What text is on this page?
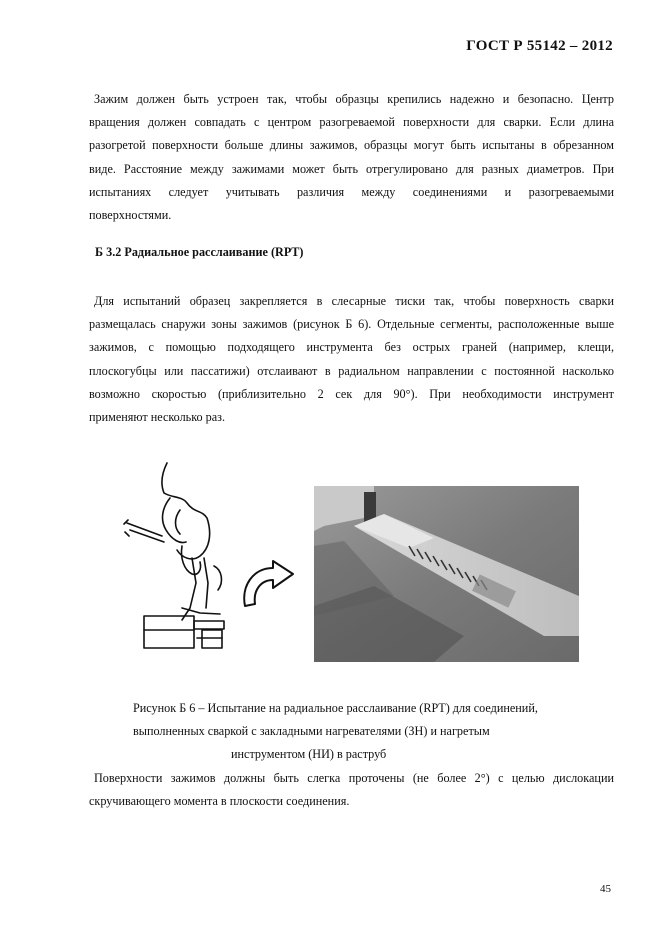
ГОСТ Р 55142 – 2012
Зажим должен быть устроен так, чтобы образцы крепились надежно и безопасно. Центр
вращения должен совпадать с центром разогреваемой поверхности для сварки. Если длина
разогретой поверхности больше длины зажимов, образцы могут быть испытаны в обрезанном
виде. Расстояние между зажимами может быть отрегулировано для разных диаметров. При
испытаниях следует учитывать различия между соединениями и разогреваемыми
поверхностями.
Б 3.2 Радиальное расслаивание (RPT)
Для испытаний образец закрепляется в слесарные тиски так, чтобы поверхность сварки
размещалась снаружи зоны зажимов (рисунок Б 6). Отдельные сегменты, расположенные выше
зажимов, с помощью подходящего инструмента без острых граней (например, клещи,
плоскогубцы или пассатижи) отслаивают в радиальном направлении с постоянной насколько
возможно скоростью (приблизительно 2 сек для 90°). При необходимости инструмент
применяют несколько раз.
Рисунок Б 6 – Испытание на радиальное расслаивание (RPT) для соединений,
выполненных сваркой с закладными нагревателями (ЗН) и нагретым
инструментом (НИ) в раструб
Поверхности зажимов должны быть слегка проточены (не более 2°) с целью дислокации
скручивающего момента в плоскости соединения.
45
